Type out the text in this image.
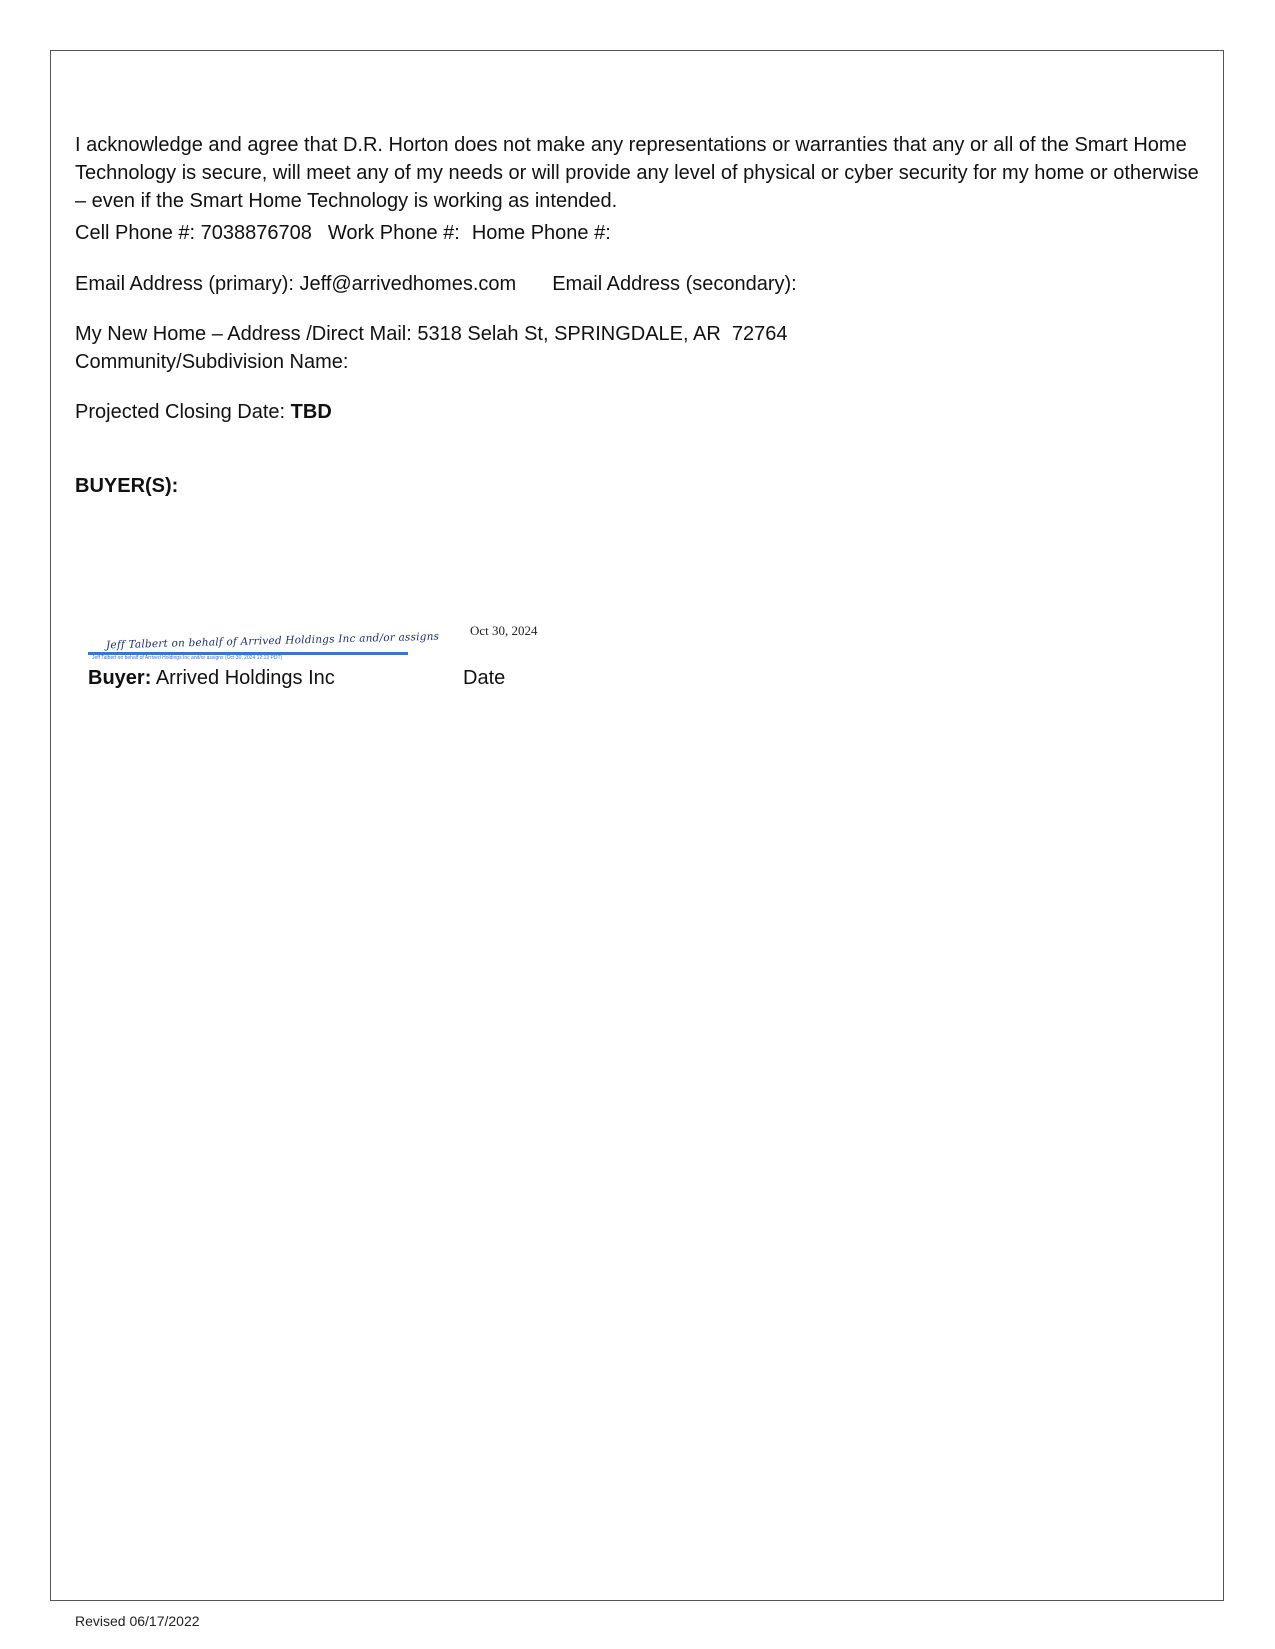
I acknowledge and agree that D.R. Horton does not make any representations or warranties that any or all of the Smart Home Technology is secure, will meet any of my needs or will provide any level of physical or cyber security for my home or otherwise – even if the Smart Home Technology is working as intended.
Cell Phone #: 7038876708 Work Phone #: Home Phone #:
Email Address (primary): Jeff@arrivedhomes.com Email Address (secondary):
My New Home – Address /Direct Mail: 5318 Selah St, SPRINGDALE, AR  72764
Community/Subdivision Name:
Projected Closing Date: TBD
BUYER(S):
Oct 30, 2024
Jeff Talbert on behalf of Arrived Holdings Inc and/or assigns
Jeff Talbert on behalf of Arrived Holdings Inc and/or assigns (Oct 30, 2024 12:13 PDT)
Buyer: Arrived Holdings Inc	Date
Revised 06/17/2022
